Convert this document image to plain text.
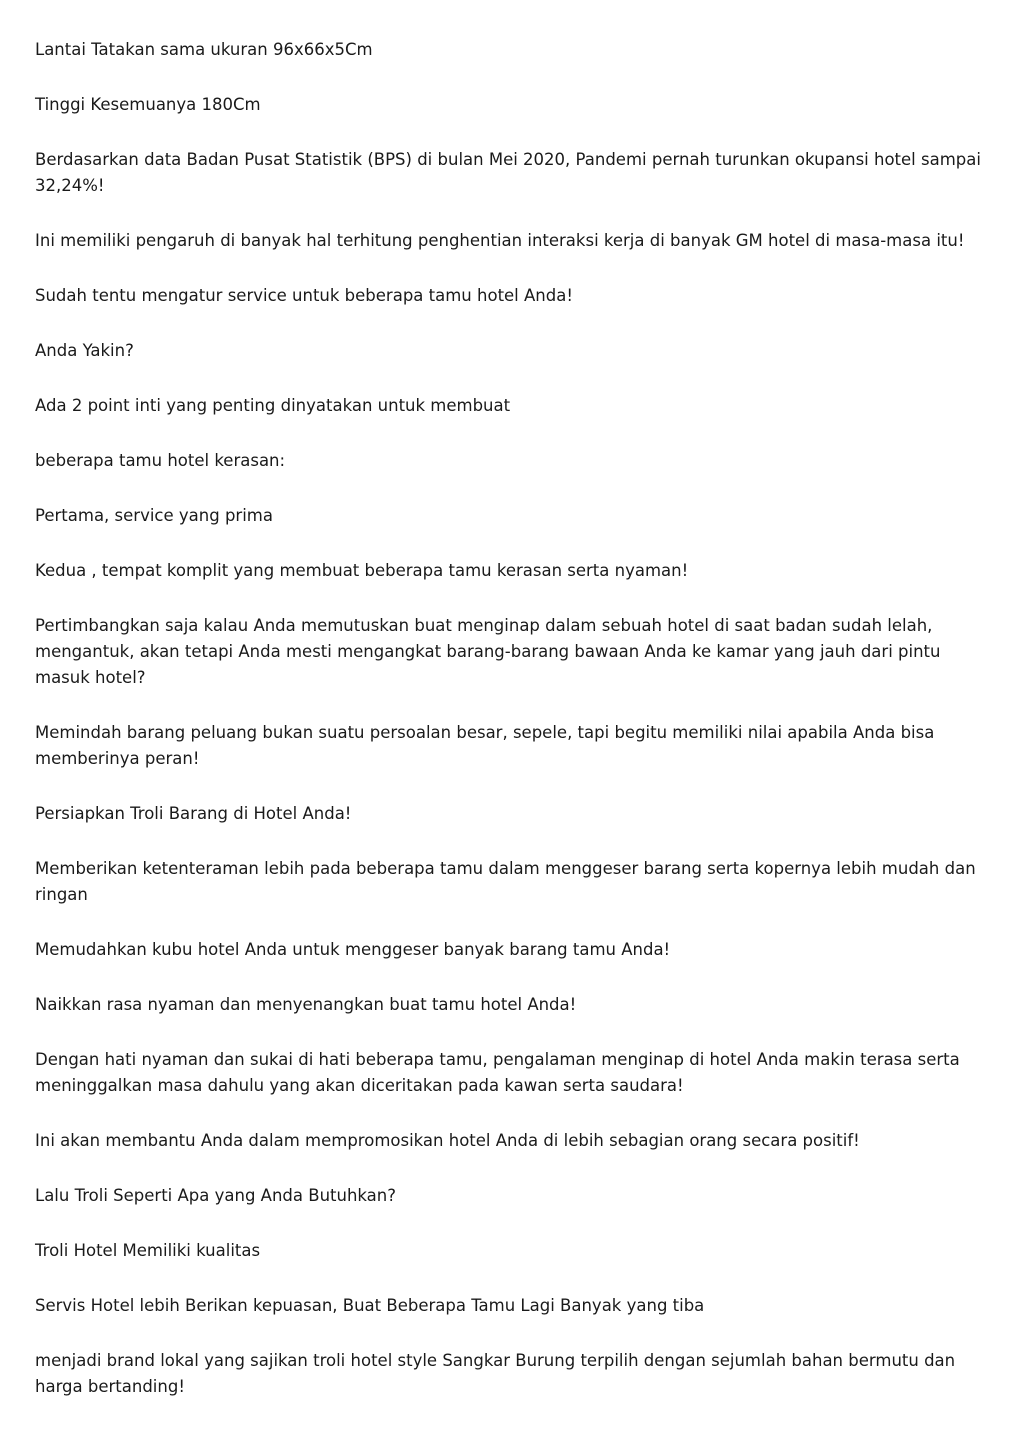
Lantai Tatakan sama ukuran 96x66x5Cm

Tinggi Kesemuanya 180Cm

Berdasarkan data Badan Pusat Statistik (BPS) di bulan Mei 2020, Pandemi pernah turunkan okupansi hotel sampai 32,24%!

Ini memiliki pengaruh di banyak hal terhitung penghentian interaksi kerja di banyak GM hotel di masa-masa itu!

Sudah tentu mengatur service untuk beberapa tamu hotel Anda!

Anda Yakin?

Ada 2 point inti yang penting dinyatakan untuk membuat

beberapa tamu hotel kerasan:

Pertama, service yang prima

Kedua , tempat komplit yang membuat beberapa tamu kerasan serta nyaman!

Pertimbangkan saja kalau Anda memutuskan buat menginap dalam sebuah hotel di saat badan sudah lelah, mengantuk, akan tetapi Anda mesti mengangkat barang-barang bawaan Anda ke kamar yang jauh dari pintu masuk hotel?

Memindah barang peluang bukan suatu persoalan besar, sepele, tapi begitu memiliki nilai apabila Anda bisa memberinya peran!

Persiapkan Troli Barang di Hotel Anda!

Memberikan ketenteraman lebih pada beberapa tamu dalam menggeser barang serta kopernya lebih mudah dan ringan

Memudahkan kubu hotel Anda untuk menggeser banyak barang tamu Anda!

Naikkan rasa nyaman dan menyenangkan buat tamu hotel Anda!

Dengan hati nyaman dan sukai di hati beberapa tamu, pengalaman menginap di hotel Anda makin terasa serta meninggalkan masa dahulu yang akan diceritakan pada kawan serta saudara!

Ini akan membantu Anda dalam mempromosikan hotel Anda di lebih sebagian orang secara positif!

Lalu Troli Seperti Apa yang Anda Butuhkan?

Troli Hotel Memiliki kualitas

Servis Hotel lebih Berikan kepuasan, Buat Beberapa Tamu Lagi Banyak yang tiba

menjadi brand lokal yang sajikan troli hotel style Sangkar Burung terpilih dengan sejumlah bahan bermutu dan harga bertanding!
